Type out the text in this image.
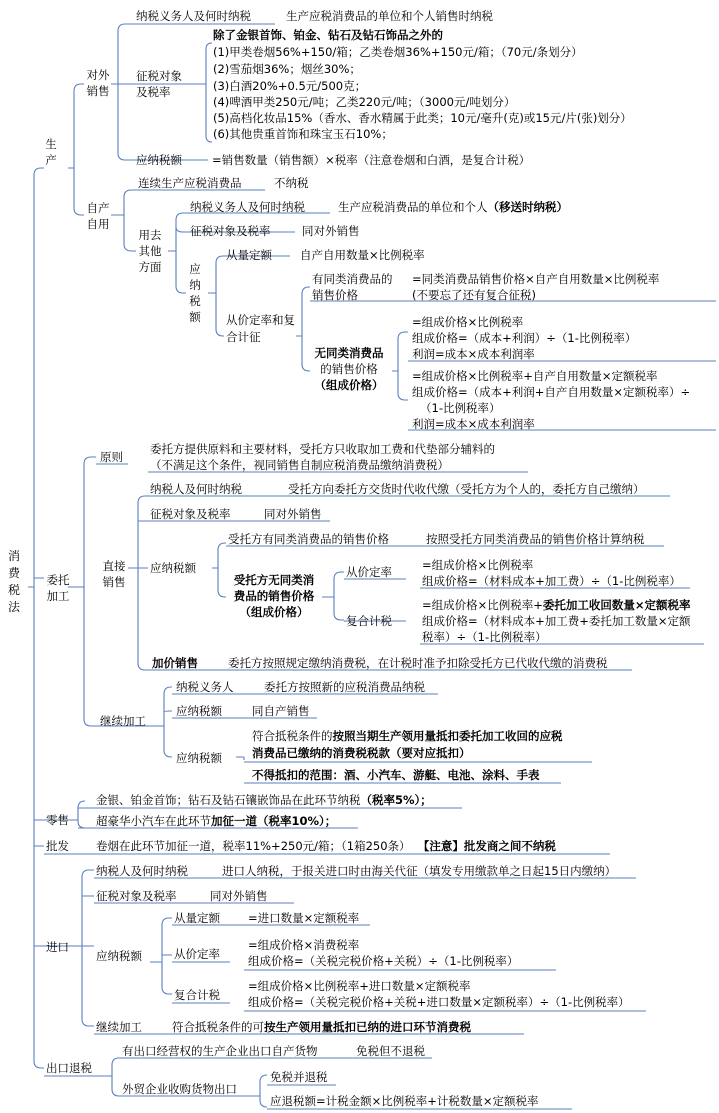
消费税法
生产
对外销售
纳税义务人及何时纳税	生产应税消费品的单位和个人销售时纳税
征税对象及税率
除了金银首饰、铂金、钻石及钻石饰品之外的
(1)甲类卷烟56%+150/箱；乙类卷烟36%+150元/箱；（70元/条划分）
(2)雪茄烟36%；烟丝30%；
(3)白酒20%+0.5元/500克；
(4)啤酒甲类250元/吨；乙类220元/吨；（3000元/吨划分）
(5)高档化妆品15%（香水、香水精属于此类；10元/毫升(克)或15元/片(张)划分）
(6)其他贵重首饰和珠宝玉石10%；
应纳税额	=销售数量（销售额）×税率（注意卷烟和白酒，是复合计税）
自产自用
连续生产应税消费品	不纳税
用去其他方面
纳税义务人及何时纳税	生产应税消费品的单位和个人（移送时纳税）
征税对象及税率	同对外销售
应纳税额
从量定额 自产自用数量×比例税率
从价定率和复合计征
有同类消费品的销售价格
=同类消费品销售价格×自产自用数量×比例税率
(不要忘了还有复合征税)
无同类消费品
的销售价格
（组成价格）
=组成价格×比例税率
组成价格=（成本+利润）÷（1-比例税率）
利润=成本×成本利润率
=组成价格×比例税率+自产自用数量×定额税率
组成价格=（成本+利润+自产自用数量×定额税率）÷
（1-比例税率）
利润=成本×成本利润率
委托加工
原则
委托方提供原料和主要材料，受托方只收取加工费和代垫部分辅料的
（不满足这个条件，视同销售自制应税消费品缴纳消费税）
直接销售
纳税人及何时纳税	受托方向委托方交货时代收代缴（受托方为个人的，委托方自己缴纳）
征税对象及税率	同对外销售
应纳税额
受托方有同类消费品的销售价格	按照受托方同类消费品的销售价格计算纳税
受托方无同类消
费品的销售价格
（组成价格）
从价定率	=组成价格×比例税率
组成价格=（材料成本+加工费）÷（1-比例税率）
复合计税
=组成价格×比例税率+委托加工收回数量×定额税率
组成价格=（材料成本+加工费+委托加工数量×定额
税率）÷（1-比例税率）
加价销售	委托方按照规定缴纳消费税，在计税时准予扣除受托方已代收代缴的消费税
继续加工
纳税义务人	委托方按照新的应税消费品纳税
应纳税额	同自产销售
应纳税额
符合抵税条件的按照当期生产领用量抵扣委托加工收回的应税
消费品已缴纳的消费税税款（要对应抵扣）
不得抵扣的范围：酒、小汽车、游艇、电池、涂料、手表
零售
金银、铂金首饰；钻石及钻石镶嵌饰品在此环节纳税（税率5%）；
超豪华小汽车在此环节加征一道（税率10%）；
批发 卷烟在此环节加征一道，税率11%+250元/箱；（1箱250条） 【注意】批发商之间不纳税
进口
纳税人及何时纳税	进口人纳税，于报关进口时由海关代征（填发专用缴款单之日起15日内缴纳）
征税对象及税率	同对外销售
应纳税额
从量定额 =进口数量×定额税率
从价定率
=组成价格×消费税率
组成价格=（关税完税价格+关税）÷（1-比例税率）
复合计税
=组成价格×比例税率+进口数量×定额税率
组成价格=（关税完税价格+关税+进口数量×定额税率）÷（1-比例税率）
继续加工	符合抵税条件的可按生产领用量抵扣已纳的进口环节消费税
出口退税
有出口经营权的生产企业出口自产货物	免税但不退税
外贸企业收购货物出口
免税并退税
应退税额=计税金额×比例税率+计税数量×定额税率
